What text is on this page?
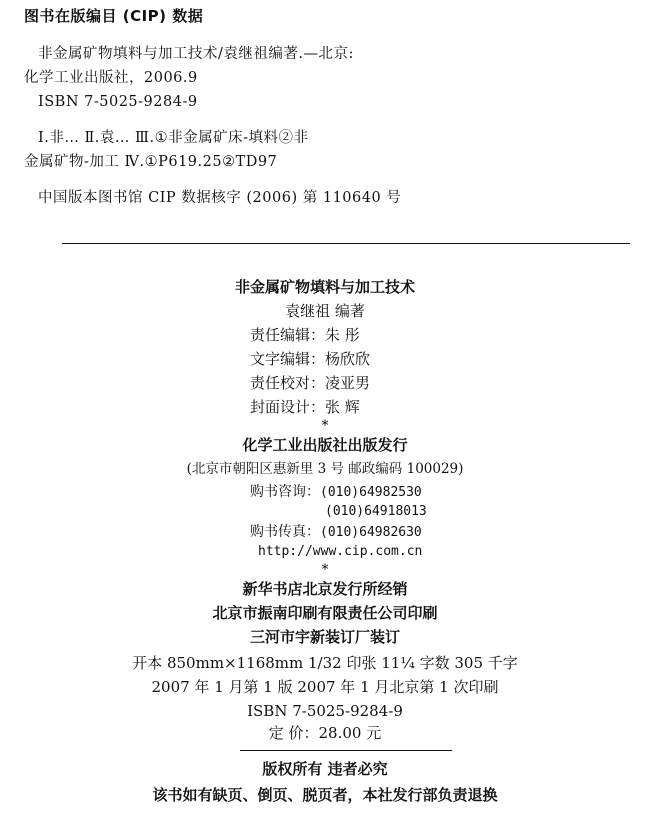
图书在版编目 (CIP) 数据
非金属矿物填料与加工技术/袁继祖编著.—北京:
化学工业出版社，2006.9
ISBN 7-5025-9284-9
Ⅰ.非… Ⅱ.袁… Ⅲ.①非金属矿床-填料②非
金属矿物-加工 Ⅳ.①P619.25②TD97
中国版本图书馆 CIP 数据核字 (2006) 第 110640 号
非金属矿物填料与加工技术
袁继祖 编著
责任编辑：朱 彤
文字编辑：杨欣欣
责任校对：凌亚男
封面设计：张 辉
*
化学工业出版社出版发行
(北京市朝阳区惠新里 3 号 邮政编码 100029)
购书咨询：(010)64982530
(010)64918013
购书传真：(010)64982630
http://www.cip.com.cn
*
新华书店北京发行所经销
北京市振南印刷有限责任公司印刷
三河市宇新装订厂装订
开本 850mm×1168mm 1/32 印张 11¼ 字数 305 千字
2007 年 1 月第 1 版 2007 年 1 月北京第 1 次印刷
ISBN 7-5025-9284-9
定 价：28.00 元
版权所有 违者必究
该书如有缺页、倒页、脱页者，本社发行部负责退换
